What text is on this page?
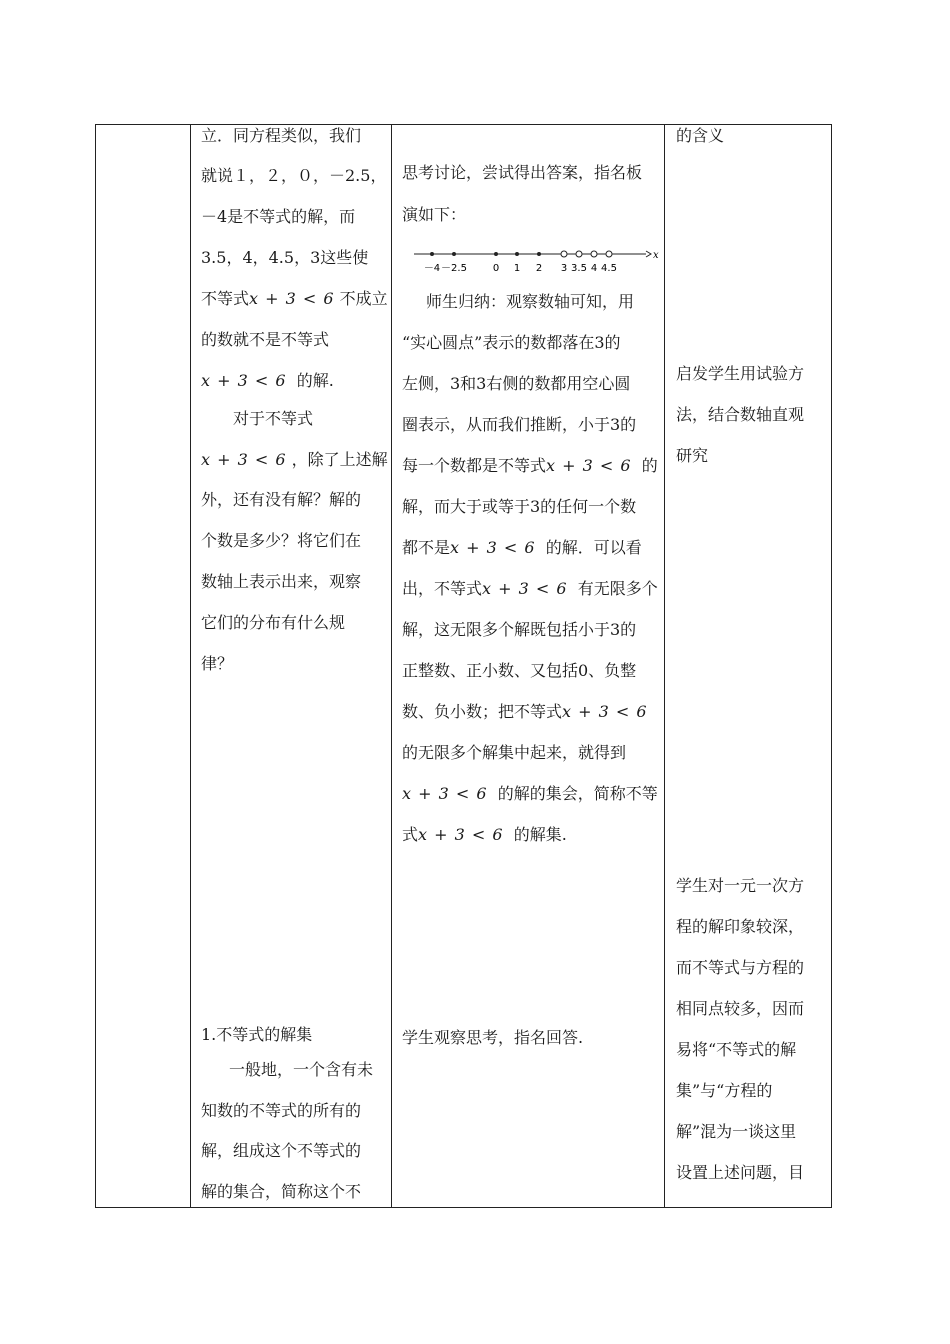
立．同方程类似，我们
就说１，２，０，－2.5，
－4是不等式的解，而
3.5，4，4.5，3这些使
不等式x + 3 < 6 不成立
的数就不是不等式
x + 3 < 6 的解.
对于不等式
x + 3 < 6 ，除了上述解
外，还有没有解？解的
个数是多少？将它们在
数轴上表示出来，观察
它们的分布有什么规
律？
1.不等式的解集
一般地，一个含有未
知数的不等式的所有的
解，组成这个不等式的
解的集合，简称这个不
思考讨论，尝试得出答案，指名板
演如下：
x
－4 －2.5	0 1 2 3 3.5 4 4.5
师生归纳：观察数轴可知，用
“实心圆点”表示的数都落在3的
左侧，3和3右侧的数都用空心圆
圈表示，从而我们推断，小于3的
每一个数都是不等式x + 3 < 6 的
解，而大于或等于3的任何一个数
都不是x + 3 < 6 的解．可以看
出，不等式x + 3 < 6 有无限多个
解，这无限多个解既包括小于3的
正整数、正小数、又包括0、负整
数、负小数；把不等式x + 3 < 6
的无限多个解集中起来，就得到
x + 3 < 6 的解的集会，简称不等
式x + 3 < 6 的解集.
学生观察思考，指名回答.
的含义
启发学生用试验方
法，结合数轴直观
研究
学生对一元一次方
程的解印象较深，
而不等式与方程的
相同点较多，因而
易将“不等式的解
集”与“方程的
解”混为一谈这里
设置上述问题，目
